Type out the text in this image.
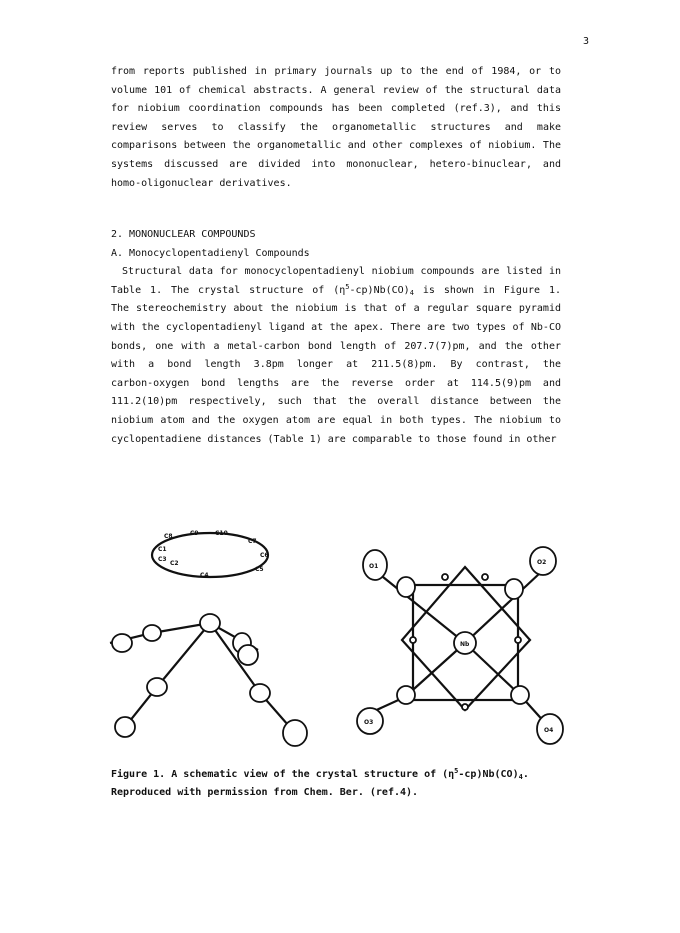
3

from reports published in primary journals up to the end of 1984, or to

volume 101 of chemical abstracts. A general review of the structural data

for niobium coordination compounds has been completed (ref.3), and this

review serves to classify the organometallic structures and make

comparisons between the organometallic and other complexes of niobium. The

systems discussed are divided into mononuclear, hetero-binuclear, and

homo-oligonuclear derivatives.

2. MONONUCLEAR COMPOUNDS

A. Monocyclopentadienyl Compounds

Structural data for monocyclopentadienyl niobium compounds are listed in

Table 1. The crystal structure of $(\eta^5-cp)Nb(CO)_4$ is shown in Figure 1.

The stereochemistry about the niobium is that of a regular square pyramid

with the cyclopentadienyl ligand at the apex. There are two types of Nb-CO

bonds, one with a metal-carbon bond length of 207.7(7)pm, and the other

with a bond length 3.8pm longer at 211.5(8)pm. By contrast, the

carbon-oxygen bond lengths are the reverse order at 114.5(9)pm and

111.2(10)pm respectively, such that the overall distance between the

niobium atom and the oxygen atom are equal in both types. The niobium to

cyclopentadiene distances (Table 1) are comparable to those found in other

C8	C9	C10
C7
C6
C5
C1
C3
C2
C4
O1
O2
O3
O4
Nb
Figure 1. A schematic view of the crystal structure of $(\eta^5-cp)Nb(CO)_4$.
Reproduced with permission from Chem. Ber. (ref.4).
